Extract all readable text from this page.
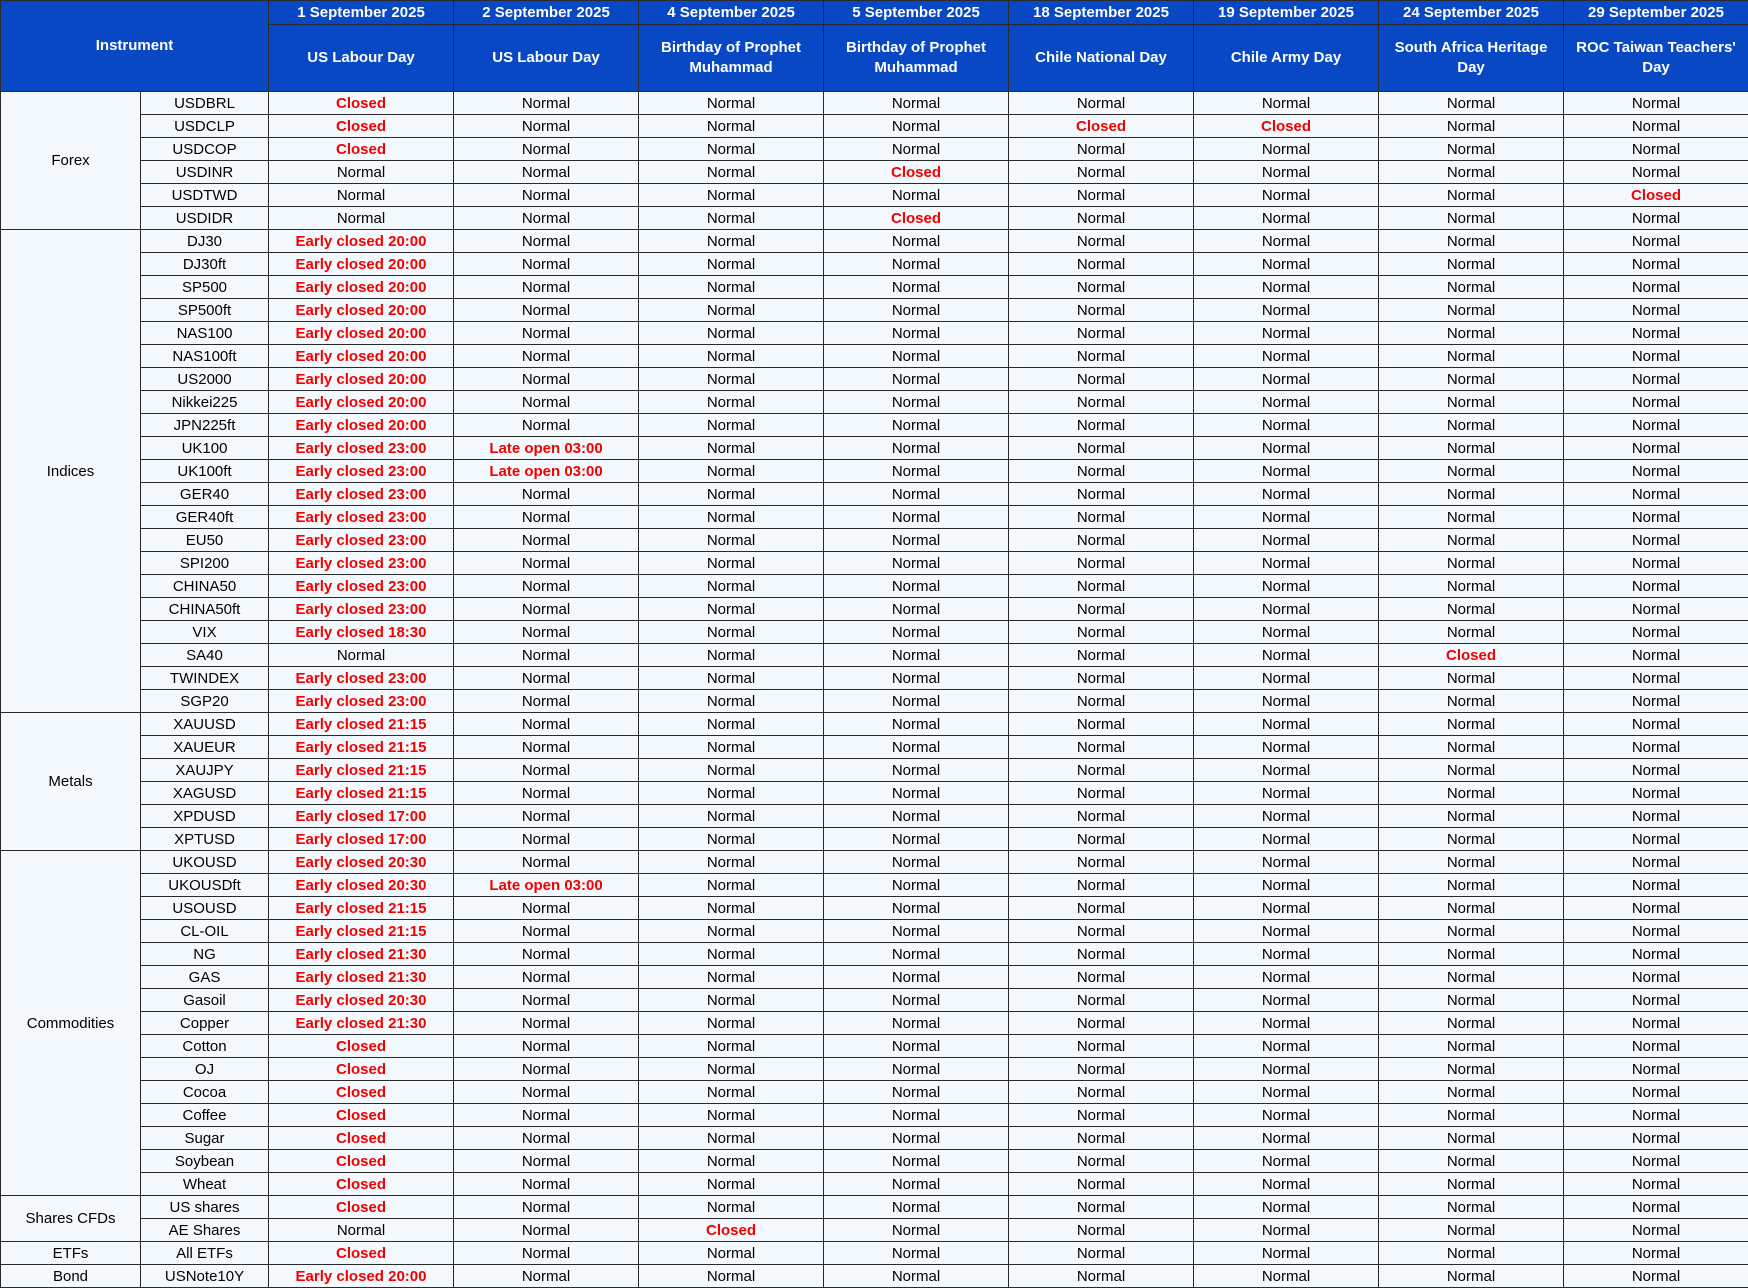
Instrument		1 September 2025	2 September 2025	4 September 2025	5 September 2025	18 September 2025	19 September 2025	24 September 2025	29 September 2025
		US Labour Day	US Labour Day	Birthday of Prophet Muhammad	Birthday of Prophet Muhammad	Chile National Day	Chile Army Day	South Africa Heritage Day	ROC Taiwan Teachers' Day
Forex	USDBRL	Closed	Normal	Normal	Normal	Normal	Normal	Normal	Normal
	USDCLP	Closed	Normal	Normal	Normal	Closed	Closed	Normal	Normal
	USDCOP	Closed	Normal	Normal	Normal	Normal	Normal	Normal	Normal
	USDINR	Normal	Normal	Normal	Closed	Normal	Normal	Normal	Normal
	USDTWD	Normal	Normal	Normal	Normal	Normal	Normal	Normal	Closed
	USDIDR	Normal	Normal	Normal	Closed	Normal	Normal	Normal	Normal
Indices	DJ30	Early closed 20:00	Normal	Normal	Normal	Normal	Normal	Normal	Normal
	DJ30ft	Early closed 20:00	Normal	Normal	Normal	Normal	Normal	Normal	Normal
	SP500	Early closed 20:00	Normal	Normal	Normal	Normal	Normal	Normal	Normal
	SP500ft	Early closed 20:00	Normal	Normal	Normal	Normal	Normal	Normal	Normal
	NAS100	Early closed 20:00	Normal	Normal	Normal	Normal	Normal	Normal	Normal
	NAS100ft	Early closed 20:00	Normal	Normal	Normal	Normal	Normal	Normal	Normal
	US2000	Early closed 20:00	Normal	Normal	Normal	Normal	Normal	Normal	Normal
	Nikkei225	Early closed 20:00	Normal	Normal	Normal	Normal	Normal	Normal	Normal
	JPN225ft	Early closed 20:00	Normal	Normal	Normal	Normal	Normal	Normal	Normal
	UK100	Early closed 23:00	Late open 03:00	Normal	Normal	Normal	Normal	Normal	Normal
	UK100ft	Early closed 23:00	Late open 03:00	Normal	Normal	Normal	Normal	Normal	Normal
	GER40	Early closed 23:00	Normal	Normal	Normal	Normal	Normal	Normal	Normal
	GER40ft	Early closed 23:00	Normal	Normal	Normal	Normal	Normal	Normal	Normal
	EU50	Early closed 23:00	Normal	Normal	Normal	Normal	Normal	Normal	Normal
	SPI200	Early closed 23:00	Normal	Normal	Normal	Normal	Normal	Normal	Normal
	CHINA50	Early closed 23:00	Normal	Normal	Normal	Normal	Normal	Normal	Normal
	CHINA50ft	Early closed 23:00	Normal	Normal	Normal	Normal	Normal	Normal	Normal
	VIX	Early closed 18:30	Normal	Normal	Normal	Normal	Normal	Normal	Normal
	SA40	Normal	Normal	Normal	Normal	Normal	Normal	Closed	Normal
	TWINDEX	Early closed 23:00	Normal	Normal	Normal	Normal	Normal	Normal	Normal
	SGP20	Early closed 23:00	Normal	Normal	Normal	Normal	Normal	Normal	Normal
Metals	XAUUSD	Early closed 21:15	Normal	Normal	Normal	Normal	Normal	Normal	Normal
	XAUEUR	Early closed 21:15	Normal	Normal	Normal	Normal	Normal	Normal	Normal
	XAUJPY	Early closed 21:15	Normal	Normal	Normal	Normal	Normal	Normal	Normal
	XAGUSD	Early closed 21:15	Normal	Normal	Normal	Normal	Normal	Normal	Normal
	XPDUSD	Early closed 17:00	Normal	Normal	Normal	Normal	Normal	Normal	Normal
	XPTUSD	Early closed 17:00	Normal	Normal	Normal	Normal	Normal	Normal	Normal
Commodities	UKOUSD	Early closed 20:30	Normal	Normal	Normal	Normal	Normal	Normal	Normal
	UKOUSDft	Early closed 20:30	Late open 03:00	Normal	Normal	Normal	Normal	Normal	Normal
	USOUSD	Early closed 21:15	Normal	Normal	Normal	Normal	Normal	Normal	Normal
	CL-OIL	Early closed 21:15	Normal	Normal	Normal	Normal	Normal	Normal	Normal
	NG	Early closed 21:30	Normal	Normal	Normal	Normal	Normal	Normal	Normal
	GAS	Early closed 21:30	Normal	Normal	Normal	Normal	Normal	Normal	Normal
	Gasoil	Early closed 20:30	Normal	Normal	Normal	Normal	Normal	Normal	Normal
	Copper	Early closed 21:30	Normal	Normal	Normal	Normal	Normal	Normal	Normal
	Cotton	Closed	Normal	Normal	Normal	Normal	Normal	Normal	Normal
	OJ	Closed	Normal	Normal	Normal	Normal	Normal	Normal	Normal
	Cocoa	Closed	Normal	Normal	Normal	Normal	Normal	Normal	Normal
	Coffee	Closed	Normal	Normal	Normal	Normal	Normal	Normal	Normal
	Sugar	Closed	Normal	Normal	Normal	Normal	Normal	Normal	Normal
	Soybean	Closed	Normal	Normal	Normal	Normal	Normal	Normal	Normal
	Wheat	Closed	Normal	Normal	Normal	Normal	Normal	Normal	Normal
Shares CFDs	US shares	Closed	Normal	Normal	Normal	Normal	Normal	Normal	Normal
	AE Shares	Normal	Normal	Closed	Normal	Normal	Normal	Normal	Normal
ETFs	All ETFs	Closed	Normal	Normal	Normal	Normal	Normal	Normal	Normal
Bond	USNote10Y	Early closed 20:00	Normal	Normal	Normal	Normal	Normal	Normal	Normal
